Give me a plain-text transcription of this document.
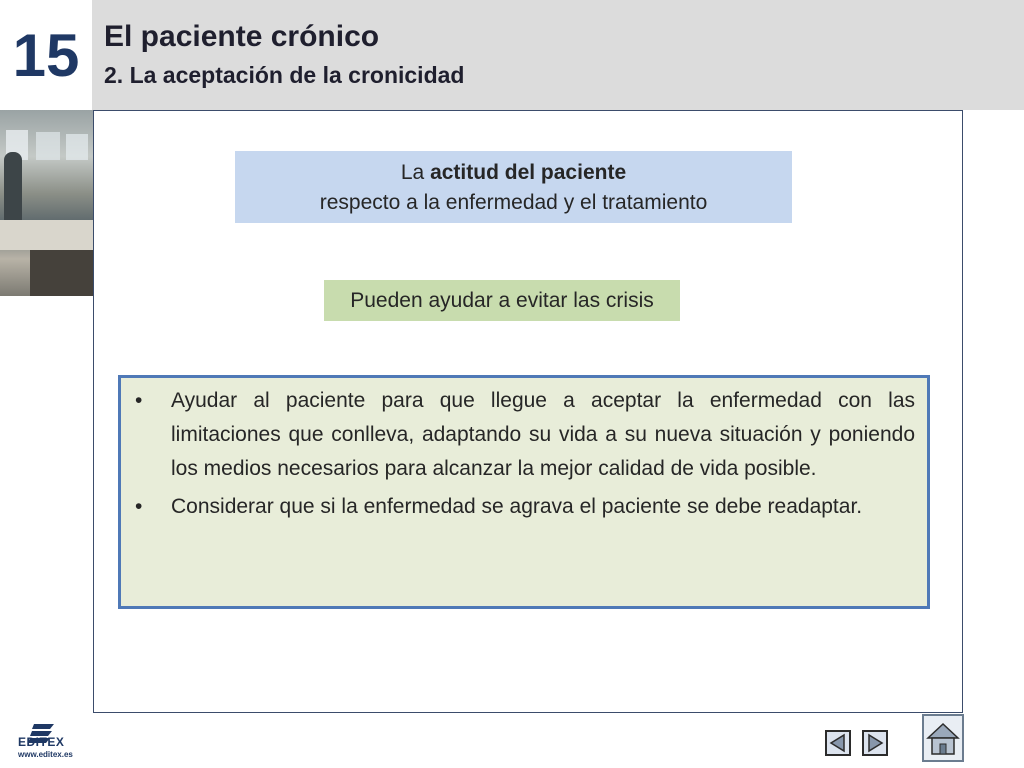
15 El paciente crónico
2. La aceptación de la cronicidad
La actitud del paciente
respecto a la enfermedad y el tratamiento
Pueden ayudar a evitar las crisis
•	Ayudar al paciente para que llegue a aceptar la enfermedad con las limitaciones que conlleva, adaptando su vida a su nueva situación y poniendo los medios necesarios para alcanzar la mejor calidad de vida posible.
•	Considerar que si la enfermedad se agrava el paciente se debe readaptar.
EDITEX
www.editex.es
